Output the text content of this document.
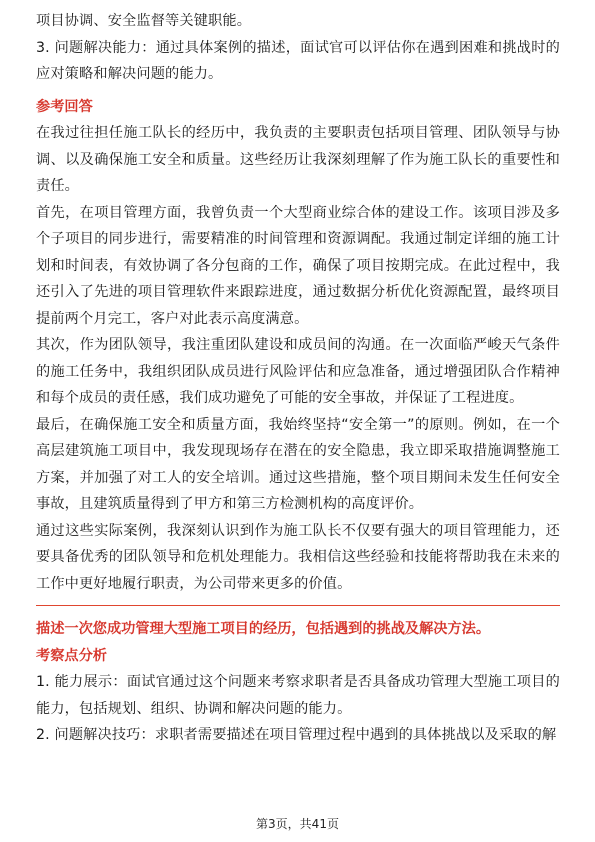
项目协调、安全监督等关键职能。

3. 问题解决能力：通过具体案例的描述，面试官可以评估你在遇到困难和挑战时的应对策略和解决问题的能力。

参考回答

在我过往担任施工队长的经历中，我负责的主要职责包括项目管理、团队领导与协调、以及确保施工安全和质量。这些经历让我深刻理解了作为施工队长的重要性和责任。

首先，在项目管理方面，我曾负责一个大型商业综合体的建设工作。该项目涉及多个子项目的同步进行，需要精准的时间管理和资源调配。我通过制定详细的施工计划和时间表，有效协调了各分包商的工作，确保了项目按期完成。在此过程中，我还引入了先进的项目管理软件来跟踪进度，通过数据分析优化资源配置，最终项目提前两个月完工，客户对此表示高度满意。

其次，作为团队领导，我注重团队建设和成员间的沟通。在一次面临严峻天气条件的施工任务中，我组织团队成员进行风险评估和应急准备，通过增强团队合作精神和每个成员的责任感，我们成功避免了可能的安全事故，并保证了工程进度。

最后，在确保施工安全和质量方面，我始终坚持“安全第一”的原则。例如，在一个高层建筑施工项目中，我发现现场存在潜在的安全隐患，我立即采取措施调整施工方案，并加强了对工人的安全培训。通过这些措施，整个项目期间未发生任何安全事故，且建筑质量得到了甲方和第三方检测机构的高度评价。

通过这些实际案例，我深刻认识到作为施工队长不仅要有强大的项目管理能力，还要具备优秀的团队领导和危机处理能力。我相信这些经验和技能将帮助我在未来的工作中更好地履行职责，为公司带来更多的价值。

描述一次您成功管理大型施工项目的经历，包括遇到的挑战及解决方法。

考察点分析

1. 能力展示：面试官通过这个问题来考察求职者是否具备成功管理大型施工项目的能力，包括规划、组织、协调和解决问题的能力。

2. 问题解决技巧：求职者需要描述在项目管理过程中遇到的具体挑战以及采取的解

第3页，共41页
